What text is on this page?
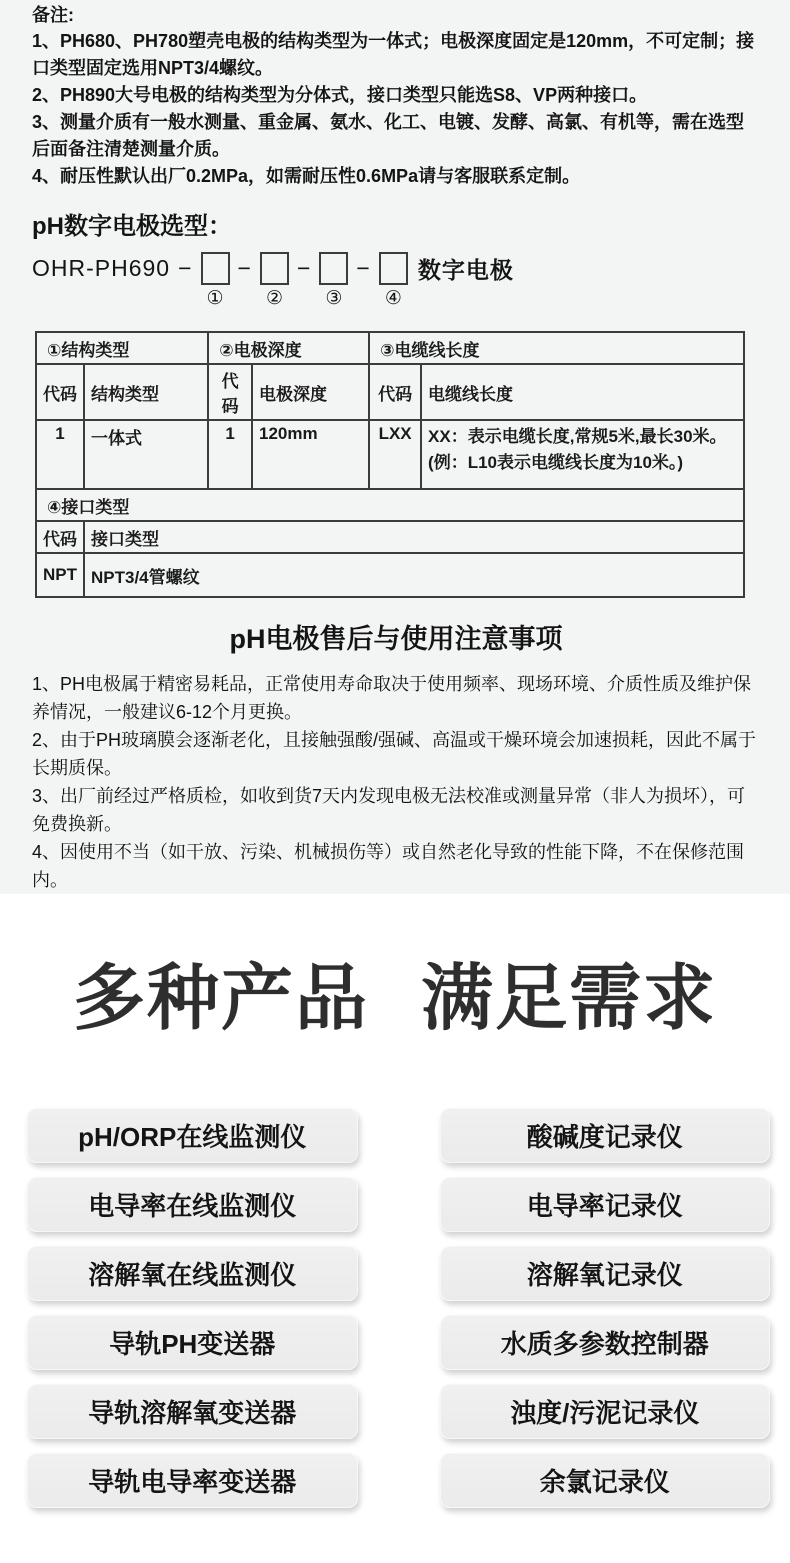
备注:
1、PH680、PH780塑壳电极的结构类型为一体式；电极深度固定是120mm，不可定制；接口类型固定选用NPT3/4螺纹。
2、PH890大号电极的结构类型为分体式，接口类型只能选S8、VP两种接口。
3、测量介质有一般水测量、重金属、氨水、化工、电镀、发酵、高氯、有机等，需在选型后面备注清楚测量介质。
4、耐压性默认出厂0.2MPa，如需耐压性0.6MPa请与客服联系定制。
pH数字电极选型：
OHR-PH690 −
①
−
②
−
③
−
④
数字电极
①结构类型		②电极深度		③电缆线长度	
代码	结构类型	代码	电极深度	代码	电缆线长度
1	一体式	1	120mm	LXX	XX：表示电缆长度,常规5米,最长30米。
(例：L10表示电缆线长度为10米。)

④接口类型					
代码	接口类型				
NPT	NPT3/4管螺纹				
pH电极售后与使用注意事项
1、PH电极属于精密易耗品，正常使用寿命取决于使用频率、现场环境、介质性质及维护保养情况，一般建议6-12个月更换。
2、由于PH玻璃膜会逐渐老化，且接触强酸/强碱、高温或干燥环境会加速损耗，因此不属于长期质保。
3、出厂前经过严格质检，如收到货7天内发现电极无法校准或测量异常（非人为损坏），可免费换新。
4、因使用不当（如干放、污染、机械损伤等）或自然老化导致的性能下降，不在保修范围内。
多种产品 满足需求
pH/ORP在线监测仪
电导率在线监测仪
溶解氧在线监测仪
导轨PH变送器
导轨溶解氧变送器
导轨电导率变送器
酸碱度记录仪
电导率记录仪
溶解氧记录仪
水质多参数控制器
浊度/污泥记录仪
余氯记录仪
